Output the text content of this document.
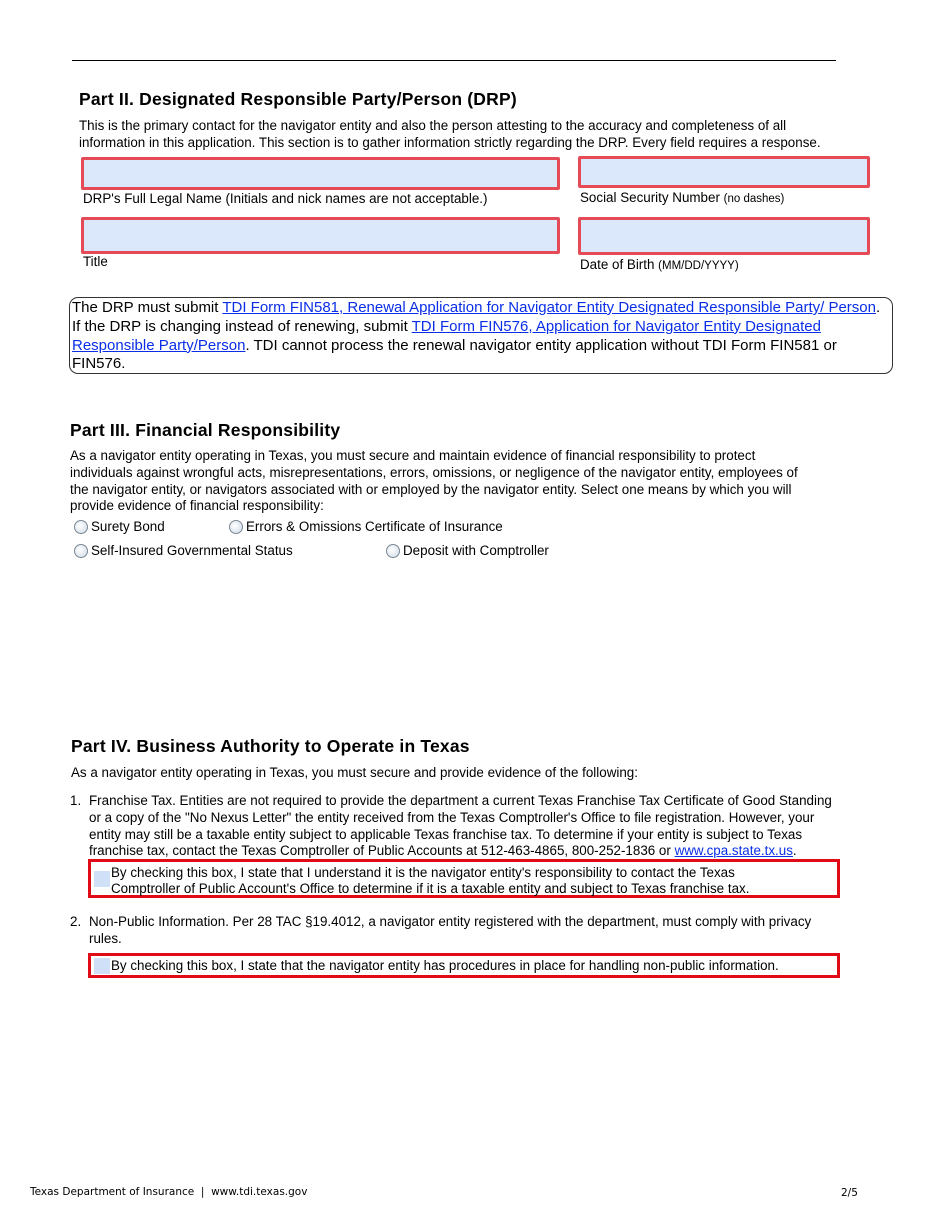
Part II. Designated Responsible Party/Person (DRP)
This is the primary contact for the navigator entity and also the person attesting to the accuracy and completeness of all
information in this application. This section is to gather information strictly regarding the DRP. Every field requires a response.
DRP's Full Legal Name (Initials and nick names are not acceptable.)	Social Security Number (no dashes)
Title	Date of Birth (MM/DD/YYYY)
The DRP must submit TDI Form FIN581, Renewal Application for Navigator Entity Designated Responsible Party/ Person. If the DRP is changing instead of renewing, submit TDI Form FIN576, Application for Navigator Entity Designated Responsible Party/Person. TDI cannot process the renewal navigator entity application without TDI Form FIN581 or FIN576.
Part III. Financial Responsibility
As a navigator entity operating in Texas, you must secure and maintain evidence of financial responsibility to protect
individuals against wrongful acts, misrepresentations, errors, omissions, or negligence of the navigator entity, employees of
the navigator entity, or navigators associated with or employed by the navigator entity. Select one means by which you will
provide evidence of financial responsibility:
Surety Bond	Errors & Omissions Certificate of Insurance
Self-Insured Governmental Status	Deposit with Comptroller
Part IV. Business Authority to Operate in Texas
As a navigator entity operating in Texas, you must secure and provide evidence of the following:
1. Franchise Tax. Entities are not required to provide the department a current Texas Franchise Tax Certificate of Good Standing
or a copy of the "No Nexus Letter" the entity received from the Texas Comptroller's Office to file registration. However, your
entity may still be a taxable entity subject to applicable Texas franchise tax. To determine if your entity is subject to Texas
franchise tax, contact the Texas Comptroller of Public Accounts at 512-463-4865, 800-252-1836 or www.cpa.state.tx.us.
By checking this box, I state that I understand it is the navigator entity's responsibility to contact the Texas
Comptroller of Public Account's Office to determine if it is a taxable entity and subject to Texas franchise tax.
2. Non-Public Information. Per 28 TAC §19.4012, a navigator entity registered with the department, must comply with privacy
rules.
By checking this box, I state that the navigator entity has procedures in place for handling non-public information.
Texas Department of Insurance  |  www.tdi.texas.gov	2/5
